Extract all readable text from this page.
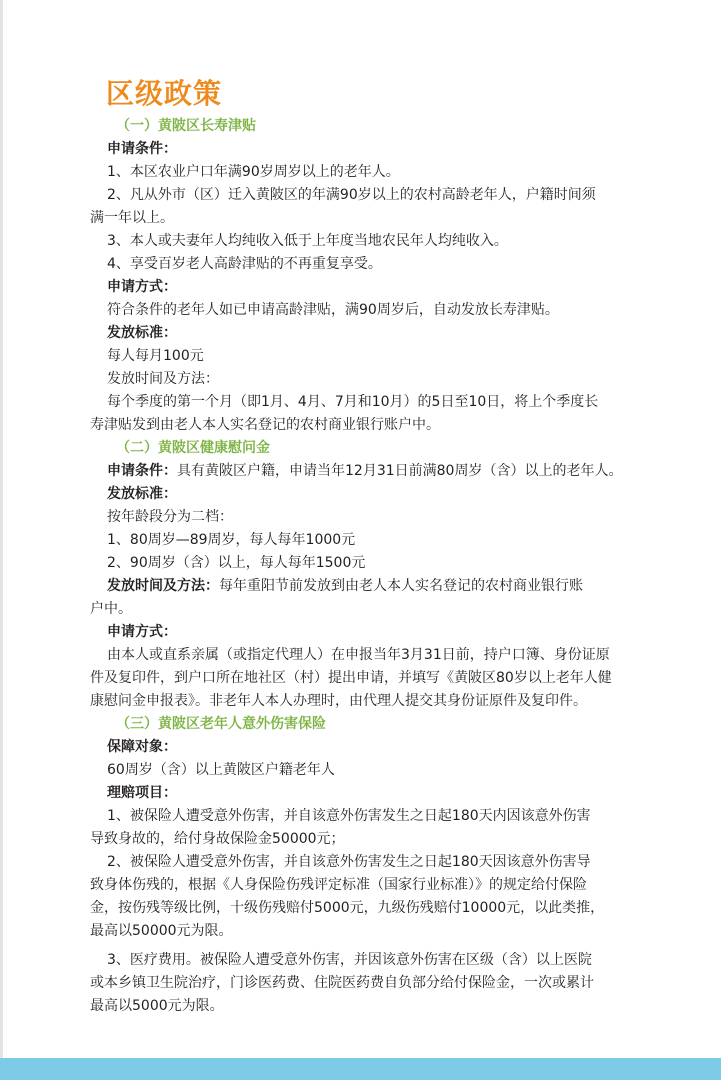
区级政策
（一）黄陂区长寿津贴
申请条件：
1、本区农业户口年满90岁周岁以上的老年人。
2、凡从外市（区）迁入黄陂区的年满90岁以上的农村高龄老年人，户籍时间须
满一年以上。
3、本人或夫妻年人均纯收入低于上年度当地农民年人均纯收入。
4、享受百岁老人高龄津贴的不再重复享受。
申请方式：
符合条件的老年人如已申请高龄津贴，满90周岁后，自动发放长寿津贴。
发放标准：
每人每月100元
发放时间及方法：
每个季度的第一个月（即1月、4月、7月和10月）的5日至10日，将上个季度长
寿津贴发到由老人本人实名登记的农村商业银行账户中。
（二）黄陂区健康慰问金
申请条件：具有黄陂区户籍，申请当年12月31日前满80周岁（含）以上的老年人。
发放标准：
按年龄段分为二档：
1、80周岁—89周岁，每人每年1000元
2、90周岁（含）以上，每人每年1500元
发放时间及方法：每年重阳节前发放到由老人本人实名登记的农村商业银行账
户中。
申请方式：
由本人或直系亲属（或指定代理人）在申报当年3月31日前，持户口簿、身份证原
件及复印件，到户口所在地社区（村）提出申请，并填写《黄陂区80岁以上老年人健
康慰问金申报表》。非老年人本人办理时，由代理人提交其身份证原件及复印件。
（三）黄陂区老年人意外伤害保险
保障对象：
60周岁（含）以上黄陂区户籍老年人
理赔项目：
1、被保险人遭受意外伤害，并自该意外伤害发生之日起180天内因该意外伤害
导致身故的，给付身故保险金50000元；
2、被保险人遭受意外伤害，并自该意外伤害发生之日起180天因该意外伤害导
致身体伤残的，根据《人身保险伤残评定标准（国家行业标准）》的规定给付保险
金，按伤残等级比例，十级伤残赔付5000元，九级伤残赔付10000元，以此类推，
最高以50000元为限。
3、医疗费用。被保险人遭受意外伤害，并因该意外伤害在区级（含）以上医院
或本乡镇卫生院治疗，门诊医药费、住院医药费自负部分给付保险金，一次或累计
最高以5000元为限。
